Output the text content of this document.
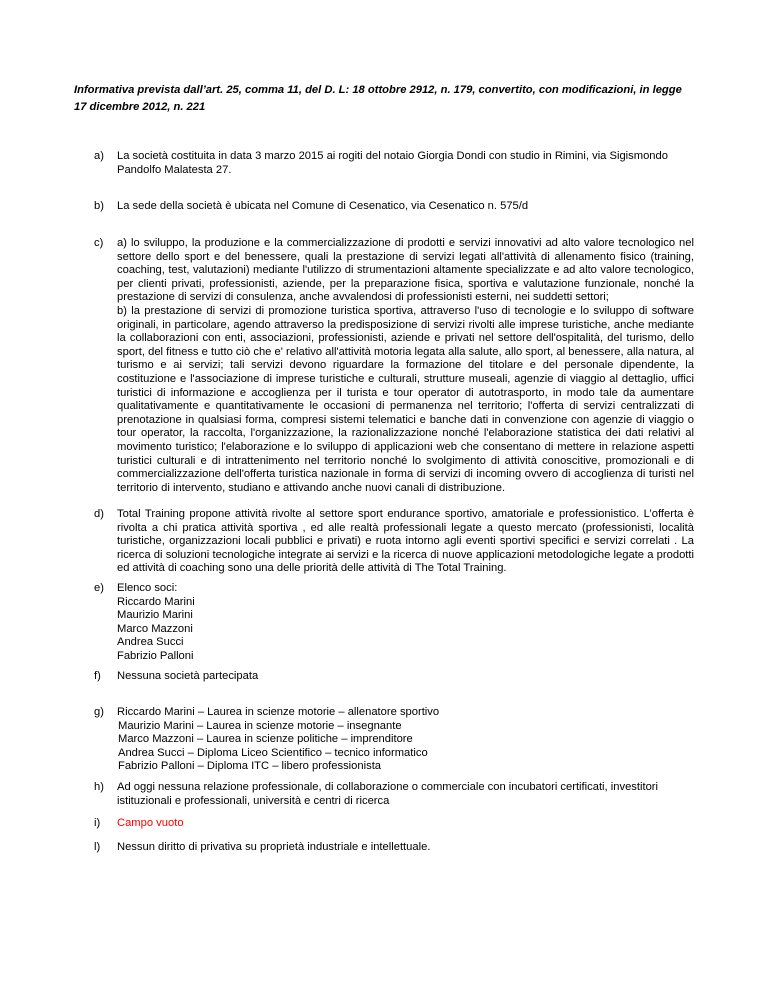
Informativa prevista dall’art. 25, comma 11, del D. L: 18 ottobre 2912, n. 179, convertito, con modificazioni, in legge 17 dicembre 2012, n. 221
a)	La società costituita in data 3 marzo 2015 ai rogiti del notaio Giorgia Dondi con studio in Rimini, via Sigismondo Pandolfo Malatesta 27.
b)	La sede della società è ubicata nel Comune di Cesenatico, via Cesenatico n. 575/d
c)	a) lo sviluppo, la produzione e la commercializzazione di prodotti e servizi innovativi ad alto valore tecnologico nel settore dello sport e del benessere, quali la prestazione di servizi legati all'attività di allenamento fisico (training, coaching, test, valutazioni) mediante l'utilizzo di strumentazioni altamente specializzate e ad alto valore tecnologico, per clienti privati, professionisti, aziende, per la preparazione fisica, sportiva e valutazione funzionale, nonché la prestazione di servizi di consulenza, anche avvalendosi di professionisti esterni, nei suddetti settori;
b) la prestazione di servizi di promozione turistica sportiva, attraverso l'uso di tecnologie e lo sviluppo di software originali, in particolare, agendo attraverso la predisposizione di servizi rivolti alle imprese turistiche, anche mediante la collaborazioni con enti, associazioni, professionisti, aziende e privati nel settore dell'ospitalità, del turismo, dello sport, del fitness e tutto ciò che e' relativo all'attività motoria legata alla salute, allo sport, al benessere, alla natura, al turismo e ai servizi; tali servizi devono riguardare la formazione del titolare e del personale dipendente, la costituzione e l'associazione di imprese turistiche e culturali, strutture museali, agenzie di viaggio al dettaglio, uffici turistici di informazione e accoglienza per il turista e tour operator di autotrasporto, in modo tale da aumentare qualitativamente e quantitativamente le occasioni di permanenza nel territorio; l'offerta di servizi centralizzati di prenotazione in qualsiasi forma, compresi sistemi telematici e banche dati in convenzione con agenzie di viaggio o tour operator, la raccolta, l'organizzazione, la razionalizzazione nonché l'elaborazione statistica dei dati relativi al movimento turistico; l'elaborazione e lo sviluppo di applicazioni web che consentano di mettere in relazione aspetti turistici culturali e di intrattenimento nel territorio nonché lo svolgimento di attività conoscitive, promozionali e di commercializzazione dell'offerta turistica nazionale in forma di servizi di incoming ovvero di accoglienza di turisti nel territorio di intervento, studiano e attivando anche nuovi canali di distribuzione.
d)	Total Training propone attività rivolte al settore sport endurance sportivo, amatoriale e professionistico. L’offerta è rivolta a chi pratica attività sportiva , ed alle realtà professionali legate a questo mercato (professionisti, località turistiche, organizzazioni locali pubblici e privati) e ruota intorno agli eventi sportivi specifici e servizi correlati . La ricerca di soluzioni tecnologiche integrate ai servizi e la ricerca di nuove applicazioni metodologiche legate a prodotti ed attività di coaching sono una delle priorità delle attività di The Total Training.
e)	Elenco soci:
Riccardo Marini
Maurizio Marini
Marco Mazzoni
Andrea Succi
Fabrizio Palloni
f)	Nessuna società partecipata
g)	Riccardo Marini – Laurea in scienze motorie – allenatore sportivo
Maurizio Marini – Laurea in scienze motorie – insegnante
Marco Mazzoni – Laurea in scienze politiche – imprenditore
Andrea Succi – Diploma Liceo Scientifico – tecnico informatico
Fabrizio Palloni – Diploma ITC – libero professionista
h)	Ad oggi nessuna relazione professionale, di collaborazione o commerciale con incubatori certificati, investitori istituzionali e professionali, università e centri di ricerca
i)	Campo vuoto
l)	Nessun diritto di privativa su proprietà industriale e intellettuale.
